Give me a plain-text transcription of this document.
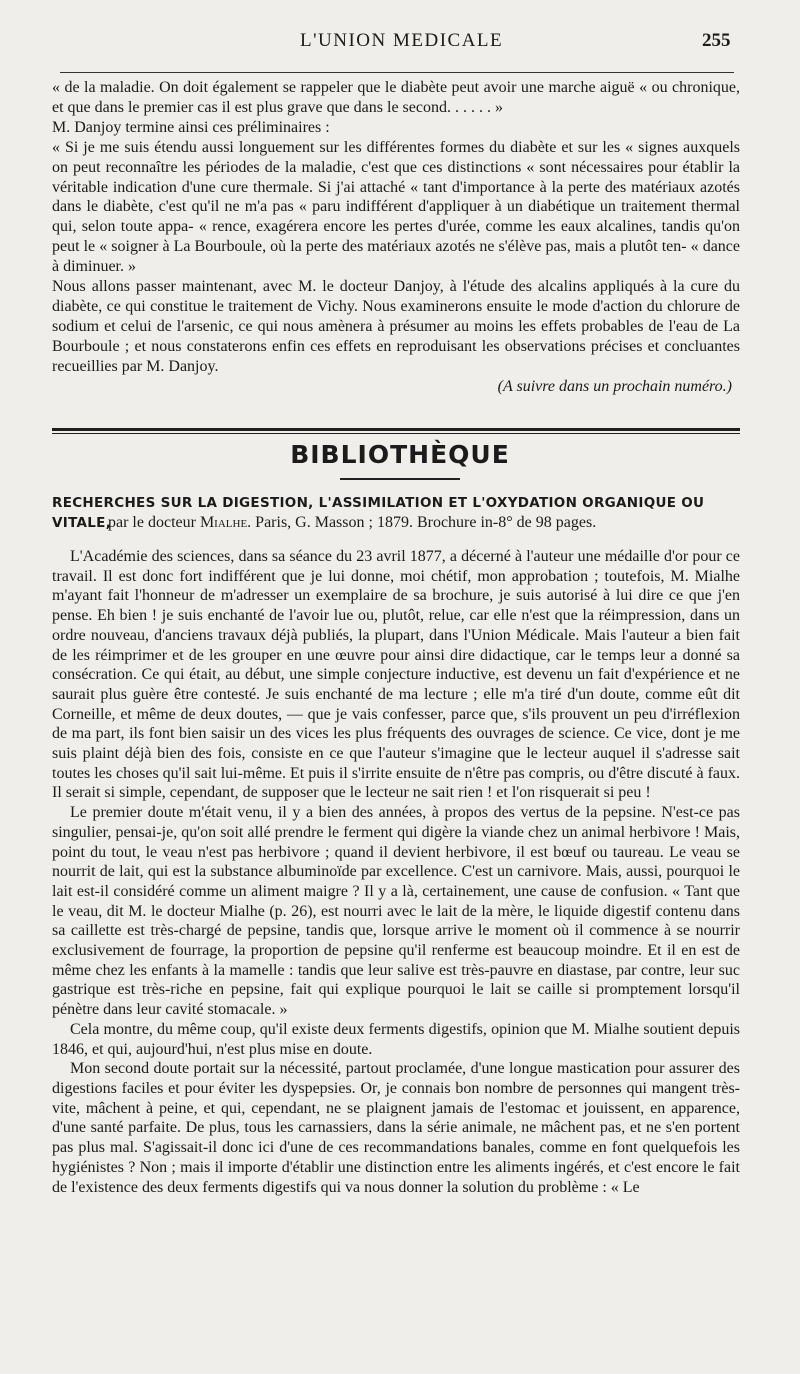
L'UNION MEDICALE	255

« de la maladie. On doit également se rappeler que le diabète peut avoir une marche aiguë « ou chronique, et que dans le premier cas il est plus grave que dans le second. . . . . . »

M. Danjoy termine ainsi ces préliminaires :

« Si je me suis étendu aussi longuement sur les différentes formes du diabète et sur les « signes auxquels on peut reconnaître les périodes de la maladie, c'est que ces distinctions « sont nécessaires pour établir la véritable indication d'une cure thermale. Si j'ai attaché « tant d'importance à la perte des matériaux azotés dans le diabète, c'est qu'il ne m'a pas « paru indifférent d'appliquer à un diabétique un traitement thermal qui, selon toute appa- « rence, exagérera encore les pertes d'urée, comme les eaux alcalines, tandis qu'on peut le « soigner à La Bourboule, où la perte des matériaux azotés ne s'élève pas, mais a plutôt ten- « dance à diminuer. »

Nous allons passer maintenant, avec M. le docteur Danjoy, à l'étude des alcalins appliqués à la cure du diabète, ce qui constitue le traitement de Vichy. Nous examinerons ensuite le mode d'action du chlorure de sodium et celui de l'arsenic, ce qui nous amènera à présumer au moins les effets probables de l'eau de La Bourboule ; et nous constaterons enfin ces effets en reproduisant les observations précises et concluantes recueillies par M. Danjoy.

(A suivre dans un prochain numéro.)

BIBLIOTHÈQUE
RECHERCHES SUR LA DIGESTION, L'ASSIMILATION ET L'OXYDATION ORGANIQUE OU VITALE,
par le docteur Mialhe. Paris, G. Masson ; 1879. Brochure in-8° de 98 pages.

L'Académie des sciences, dans sa séance du 23 avril 1877, a décerné à l'auteur une médaille d'or pour ce travail. Il est donc fort indifférent que je lui donne, moi chétif, mon approbation ; toutefois, M. Mialhe m'ayant fait l'honneur de m'adresser un exemplaire de sa brochure, je suis autorisé à lui dire ce que j'en pense. Eh bien ! je suis enchanté de l'avoir lue ou, plutôt, relue, car elle n'est que la réimpression, dans un ordre nouveau, d'anciens travaux déjà publiés, la plupart, dans l'Union Médicale. Mais l'auteur a bien fait de les réimprimer et de les grouper en une œuvre pour ainsi dire didactique, car le temps leur a donné sa consécration. Ce qui était, au début, une simple conjecture inductive, est devenu un fait d'expérience et ne saurait plus guère être contesté. Je suis enchanté de ma lecture ; elle m'a tiré d'un doute, comme eût dit Corneille, et même de deux doutes, — que je vais confesser, parce que, s'ils prouvent un peu d'irréflexion de ma part, ils font bien saisir un des vices les plus fréquents des ouvrages de science. Ce vice, dont je me suis plaint déjà bien des fois, consiste en ce que l'auteur s'imagine que le lecteur auquel il s'adresse sait toutes les choses qu'il sait lui-même. Et puis il s'irrite ensuite de n'être pas compris, ou d'être discuté à faux. Il serait si simple, cependant, de supposer que le lecteur ne sait rien ! et l'on risquerait si peu !

Le premier doute m'était venu, il y a bien des années, à propos des vertus de la pepsine. N'est-ce pas singulier, pensai-je, qu'on soit allé prendre le ferment qui digère la viande chez un animal herbivore ! Mais, point du tout, le veau n'est pas herbivore ; quand il devient herbivore, il est bœuf ou taureau. Le veau se nourrit de lait, qui est la substance albuminoïde par excellence. C'est un carnivore. Mais, aussi, pourquoi le lait est-il considéré comme un aliment maigre ? Il y a là, certainement, une cause de confusion. « Tant que le veau, dit M. le docteur Mialhe (p. 26), est nourri avec le lait de la mère, le liquide digestif contenu dans sa caillette est très-chargé de pepsine, tandis que, lorsque arrive le moment où il commence à se nourrir exclusivement de fourrage, la proportion de pepsine qu'il renferme est beaucoup moindre. Et il en est de même chez les enfants à la mamelle : tandis que leur salive est très-pauvre en diastase, par contre, leur suc gastrique est très-riche en pepsine, fait qui explique pourquoi le lait se caille si promptement lorsqu'il pénètre dans leur cavité stomacale. »

Cela montre, du même coup, qu'il existe deux ferments digestifs, opinion que M. Mialhe soutient depuis 1846, et qui, aujourd'hui, n'est plus mise en doute.

Mon second doute portait sur la nécessité, partout proclamée, d'une longue mastication pour assurer des digestions faciles et pour éviter les dyspepsies. Or, je connais bon nombre de personnes qui mangent très-vite, mâchent à peine, et qui, cependant, ne se plaignent jamais de l'estomac et jouissent, en apparence, d'une santé parfaite. De plus, tous les carnassiers, dans la série animale, ne mâchent pas, et ne s'en portent pas plus mal. S'agissait-il donc ici d'une de ces recommandations banales, comme en font quelquefois les hygiénistes ? Non ; mais il importe d'établir une distinction entre les aliments ingérés, et c'est encore le fait de l'existence des deux ferments digestifs qui va nous donner la solution du problème : « Le
